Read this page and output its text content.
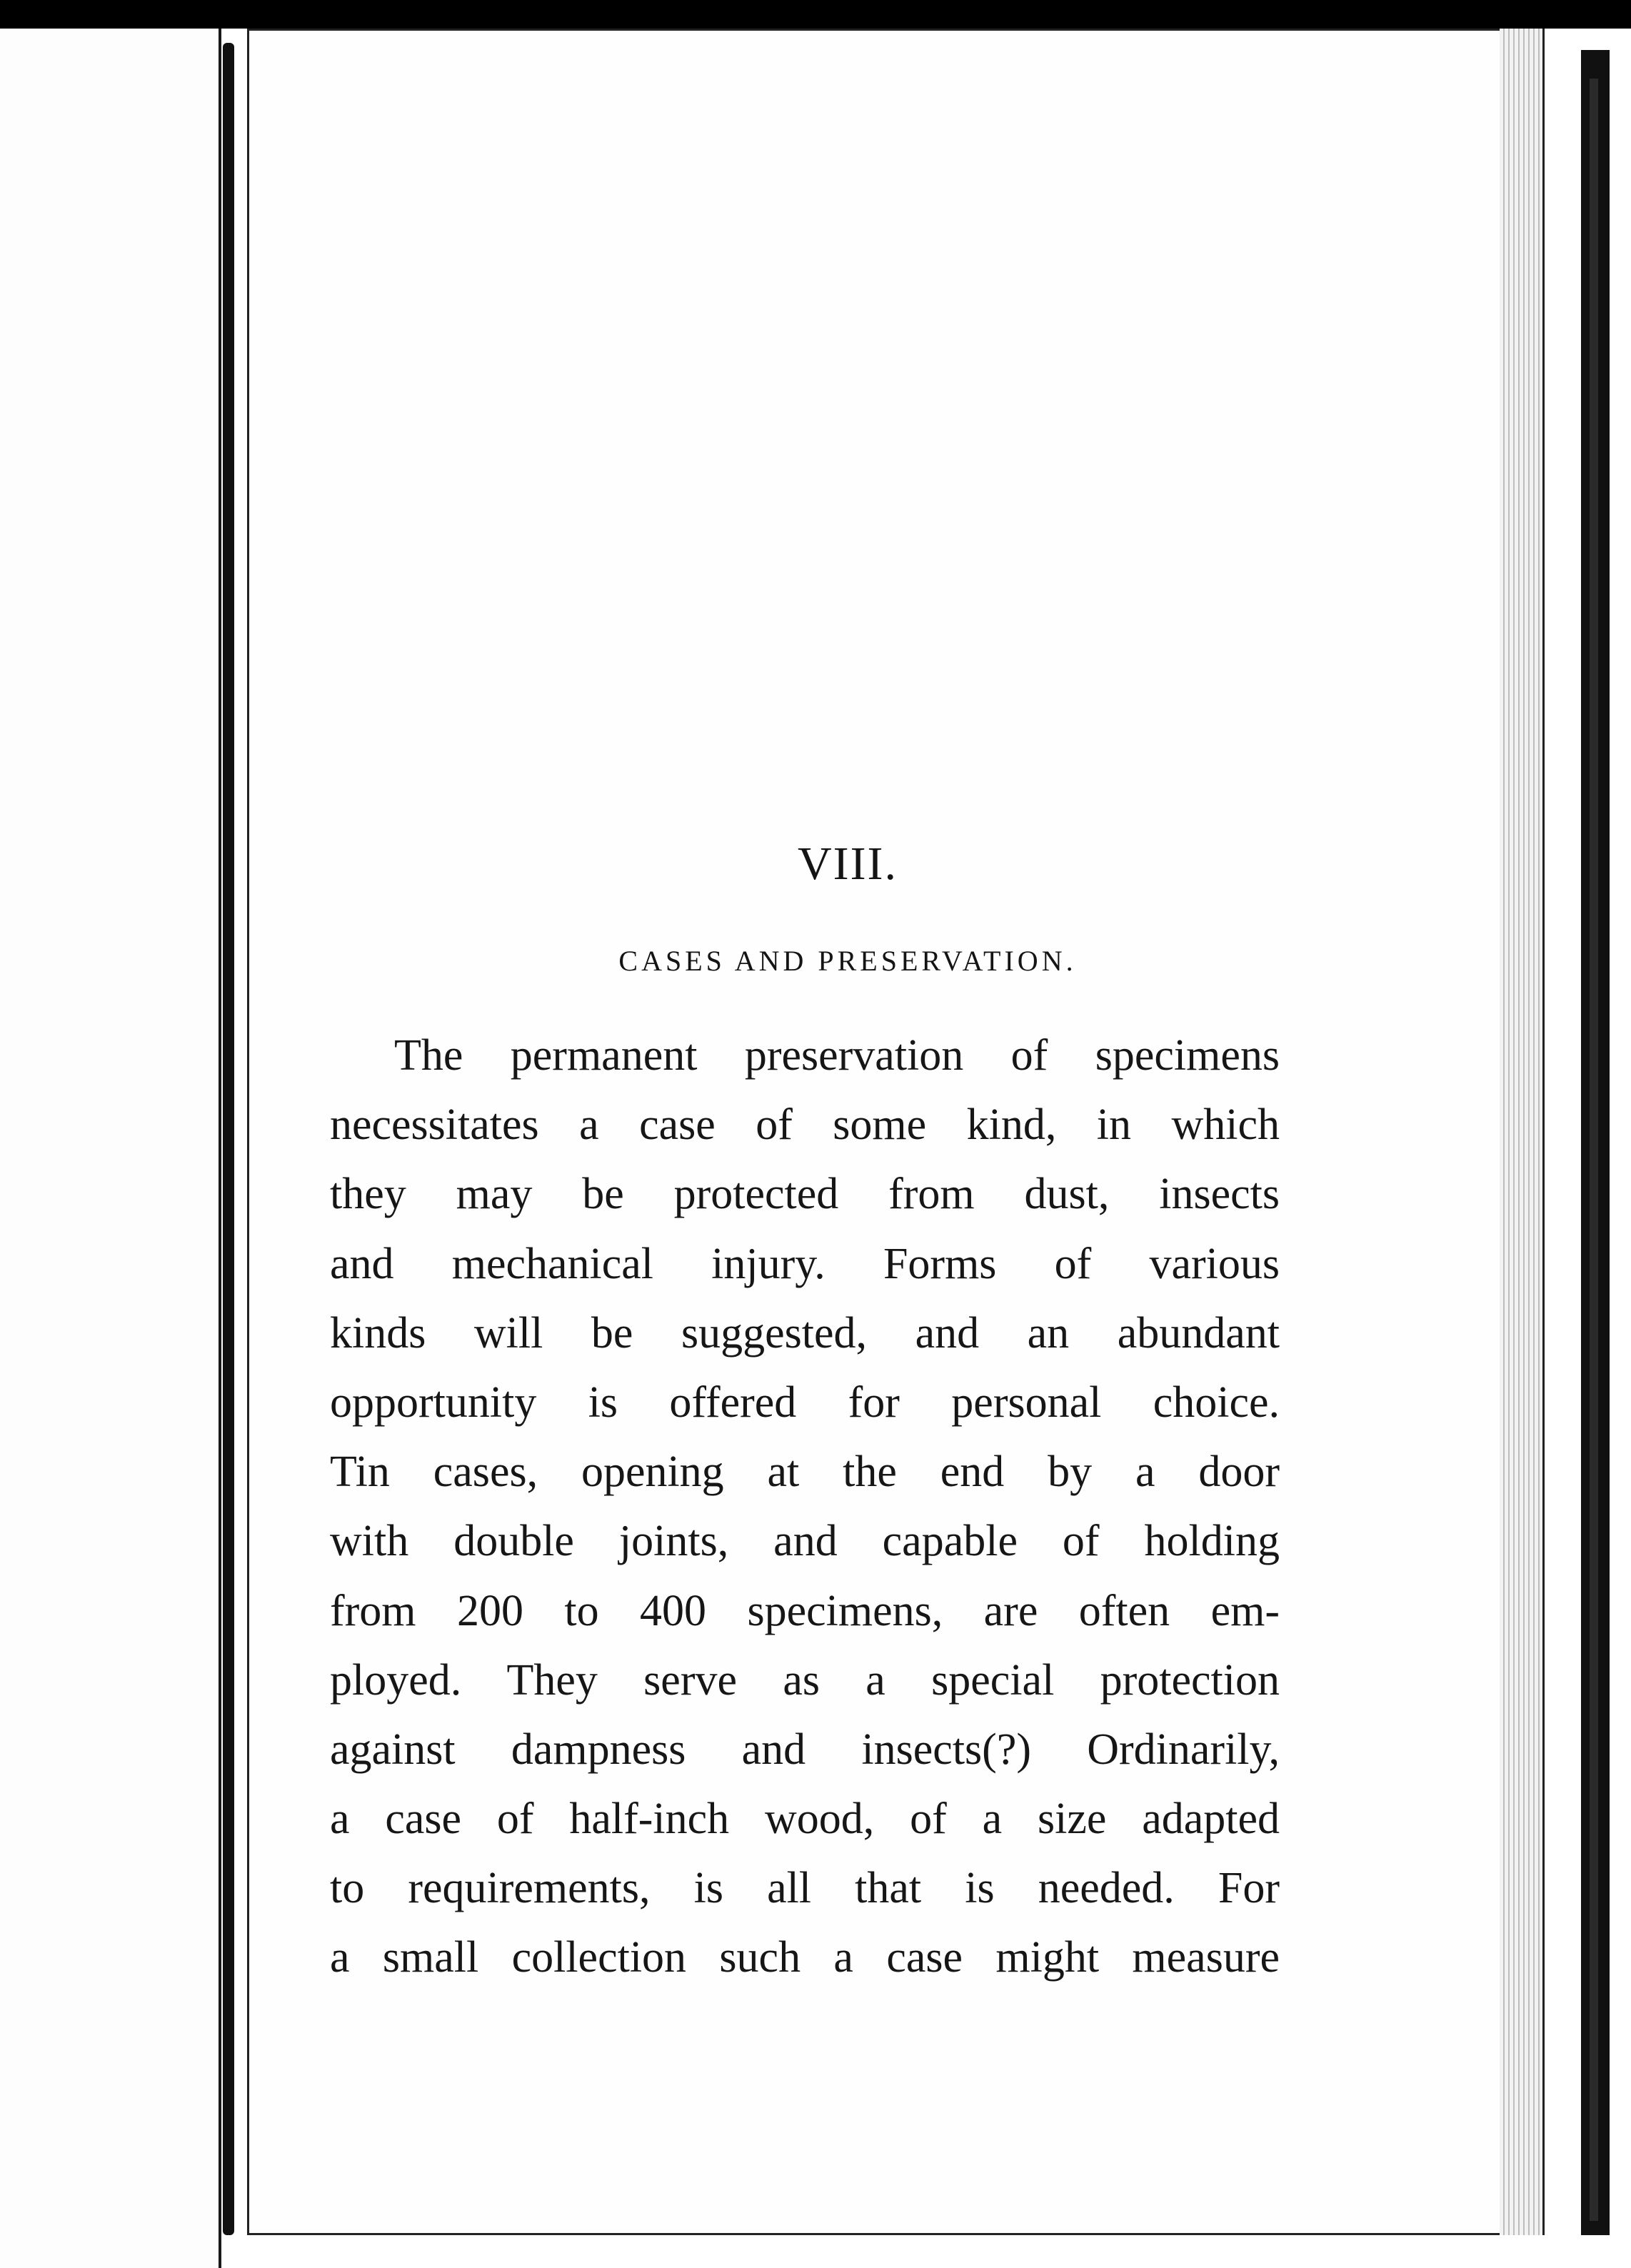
VIII.
CASES AND PRESERVATION.
The permanent preservation of specimens
necessitates a case of some kind, in which
they may be protected from dust, insects
and mechanical injury. Forms of various
kinds will be suggested, and an abundant
opportunity is offered for personal choice.
Tin cases, opening at the end by a door
with double joints, and capable of holding
from 200 to 400 specimens, are often em-
ployed. They serve as a special protection
against dampness and insects(?) Ordinarily,
a case of half-inch wood, of a size adapted
to requirements, is all that is needed. For
a small collection such a case might measure
